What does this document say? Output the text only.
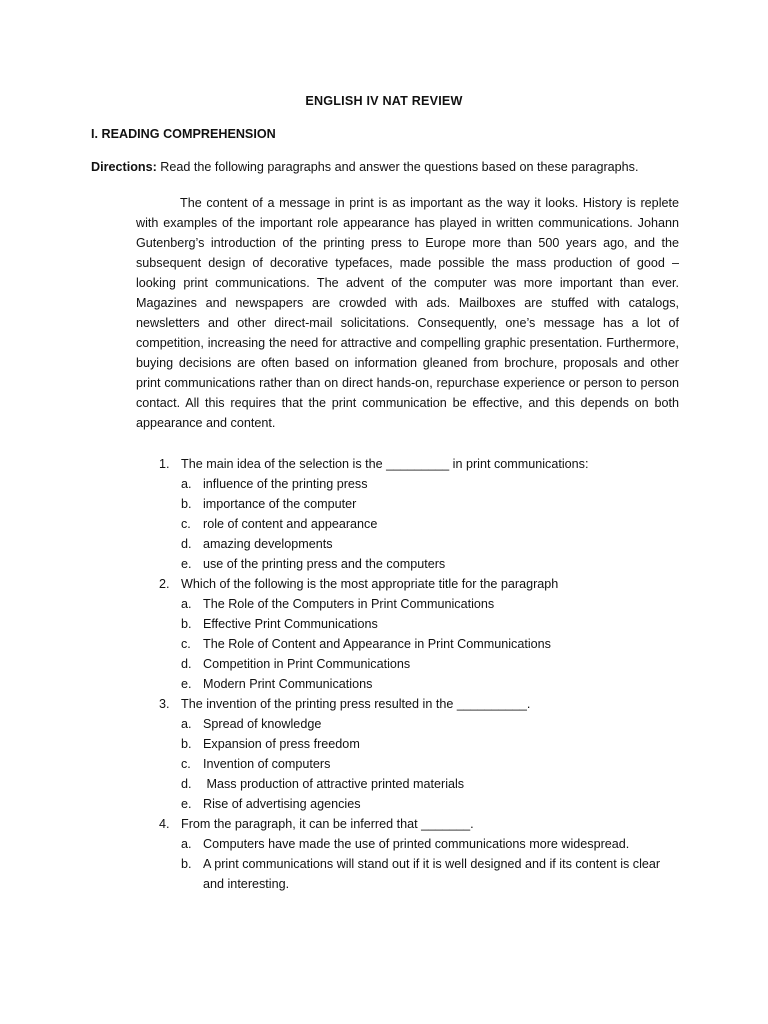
ENGLISH IV NAT REVIEW
I. READING COMPREHENSION
Directions: Read the following paragraphs and answer the questions based on these paragraphs.

The content of a message in print is as important as the way it looks. History is replete with examples of the important role appearance has played in written communications. Johann Gutenberg’s introduction of the printing press to Europe more than 500 years ago, and the subsequent design of decorative typefaces, made possible the mass production of good – looking print communications. The advent of the computer was more important than ever. Magazines and newspapers are crowded with ads. Mailboxes are stuffed with catalogs, newsletters and other direct-mail solicitations. Consequently, one’s message has a lot of competition, increasing the need for attractive and compelling graphic presentation. Furthermore, buying decisions are often based on information gleaned from brochure, proposals and other print communications rather than on direct hands-on, repurchase experience or person to person contact. All this requires that the print communication be effective, and this depends on both appearance and content.

1. The main idea of the selection is the _________ in print communications:
a. influence of the printing press
b. importance of the computer
c. role of content and appearance
d. amazing developments
e. use of the printing press and the computers
2. Which of the following is the most appropriate title for the paragraph
a. The Role of the Computers in Print Communications
b. Effective Print Communications
c. The Role of Content and Appearance in Print Communications
d. Competition in Print Communications
e. Modern Print Communications
3. The invention of the printing press resulted in the __________.
a. Spread of knowledge
b. Expansion of press freedom
c. Invention of computers
d. Mass production of attractive printed materials
e. Rise of advertising agencies
4. From the paragraph, it can be inferred that _______.
a. Computers have made the use of printed communications more widespread.
b. A print communications will stand out if it is well designed and if its content is clear and interesting.
